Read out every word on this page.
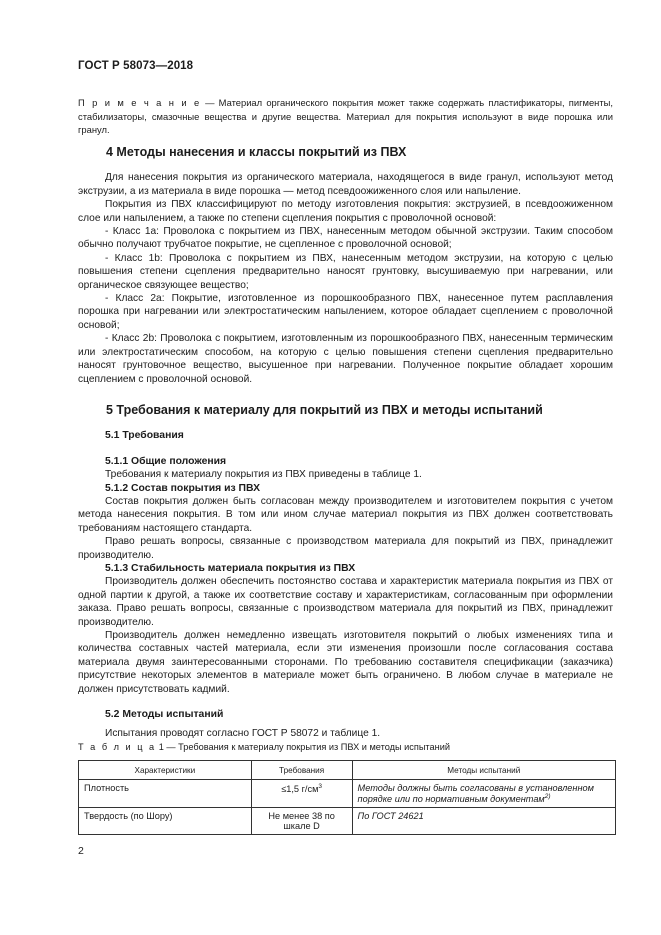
ГОСТ Р 58073—2018
П р и м е ч а н и е — Материал органического покрытия может также содержать пластификаторы, пигменты, стабилизаторы, смазочные вещества и другие вещества. Материал для покрытия используют в виде порошка или гранул.

4 Методы нанесения и классы покрытий из ПВХ

Для нанесения покрытия из органического материала, находящегося в виде гранул, используют метод экструзии, а из материала в виде порошка — метод псевдоожиженного слоя или напыление.

Покрытия из ПВХ классифицируют по методу изготовления покрытия: экструзией, в псевдоожиженном слое или напылением, а также по степени сцепления покрытия с проволочной основой:

- Класс 1a: Проволока с покрытием из ПВХ, нанесенным методом обычной экструзии. Таким способом обычно получают трубчатое покрытие, не сцепленное с проволочной основой;

- Класс 1b: Проволока с покрытием из ПВХ, нанесенным методом экструзии, на которую с целью повышения степени сцепления предварительно наносят грунтовку, высушиваемую при нагревании, или органическое связующее вещество;

- Класс 2a: Покрытие, изготовленное из порошкообразного ПВХ, нанесенное путем расплавления порошка при нагревании или электростатическим напылением, которое обладает сцеплением с проволочной основой;

- Класс 2b: Проволока с покрытием, изготовленным из порошкообразного ПВХ, нанесенным термическим или электростатическим способом, на которую с целью повышения степени сцепления предварительно наносят грунтовочное вещество, высушенное при нагревании. Полученное покрытие обладает хорошим сцеплением с проволочной основой.

5 Требования к материалу для покрытий из ПВХ и методы испытаний

5.1 Требования

5.1.1 Общие положения

Требования к материалу покрытия из ПВХ приведены в таблице 1.

5.1.2 Состав покрытия из ПВХ

Состав покрытия должен быть согласован между производителем и изготовителем покрытия с учетом метода нанесения покрытия. В том или ином случае материал покрытия из ПВХ должен соответствовать требованиям настоящего стандарта.

Право решать вопросы, связанные с производством материала для покрытий из ПВХ, принадлежит производителю.

5.1.3 Стабильность материала покрытия из ПВХ

Производитель должен обеспечить постоянство состава и характеристик материала покрытия из ПВХ от одной партии к другой, а также их соответствие составу и характеристикам, согласованным при оформлении заказа. Право решать вопросы, связанные с производством материала для покрытий из ПВХ, принадлежит производителю.

Производитель должен немедленно извещать изготовителя покрытий о любых изменениях типа и количества составных частей материала, если эти изменения произошли после согласования состава материала двумя заинтересованными сторонами. По требованию составителя спецификации (заказчика) присутствие некоторых элементов в материале может быть ограничено. В любом случае в материале не должен присутствовать кадмий.

5.2 Методы испытаний

Испытания проводят согласно ГОСТ Р 58072 и таблице 1.

Т а б л и ц а 1 — Требования к материалу покрытия из ПВХ и методы испытаний
Характеристики	Требования	Методы испытаний
Плотность	≤1,5 $г/см^3$	Методы должны быть согласованы в установленном порядке или по нормативным документам$^{2)}$
Твердость (по Шору)	Не менее 38 по шкале D	По ГОСТ 24621
2
